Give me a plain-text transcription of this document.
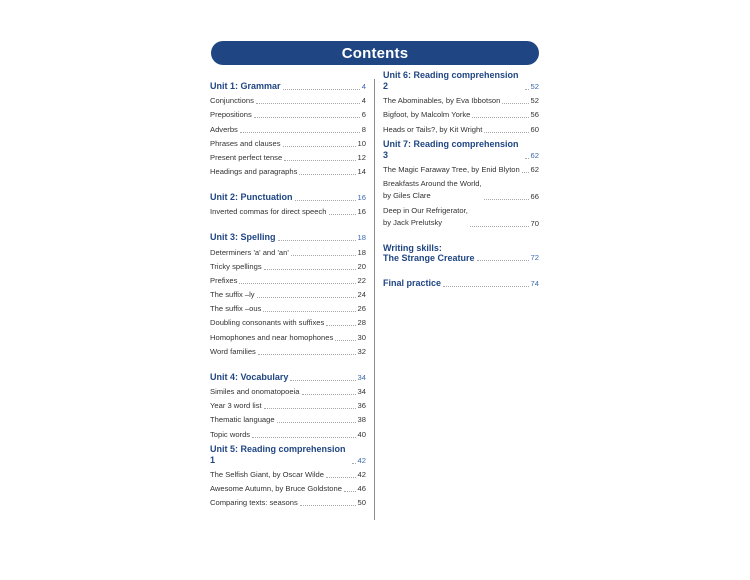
Contents
Unit 1: Grammar	4
Conjunctions	4
Prepositions	6
Adverbs	8
Phrases and clauses	10
Present perfect tense	12
Headings and paragraphs	14
Unit 2: Punctuation	16
Inverted commas for direct speech	16
Unit 3: Spelling	18
Determiners 'a' and 'an'	18
Tricky spellings	20
Prefixes	22
The suffix –ly	24
The suffix –ous	26
Doubling consonants with suffixes	28
Homophones and near homophones	30
Word families	32
Unit 4: Vocabulary	34
Similes and onomatopoeia	34
Year 3 word list	36
Thematic language	38
Topic words	40
Unit 5: Reading comprehension 1	42
The Selfish Giant, by Oscar Wilde	42
Awesome Autumn, by Bruce Goldstone 46
Comparing texts: seasons	50
Unit 6: Reading comprehension 2	52
The Abominables, by Eva Ibbotson	52
Bigfoot, by Malcolm Yorke	56
Heads or Tails?, by Kit Wright	60
Unit 7: Reading comprehension 3	62
The Magic Faraway Tree, by Enid Blyton 62
Breakfasts Around the World,
by Giles Clare	66
Deep in Our Refrigerator,
by Jack Prelutsky	70
Writing skills:
The Strange Creature	72
Final practice	74
